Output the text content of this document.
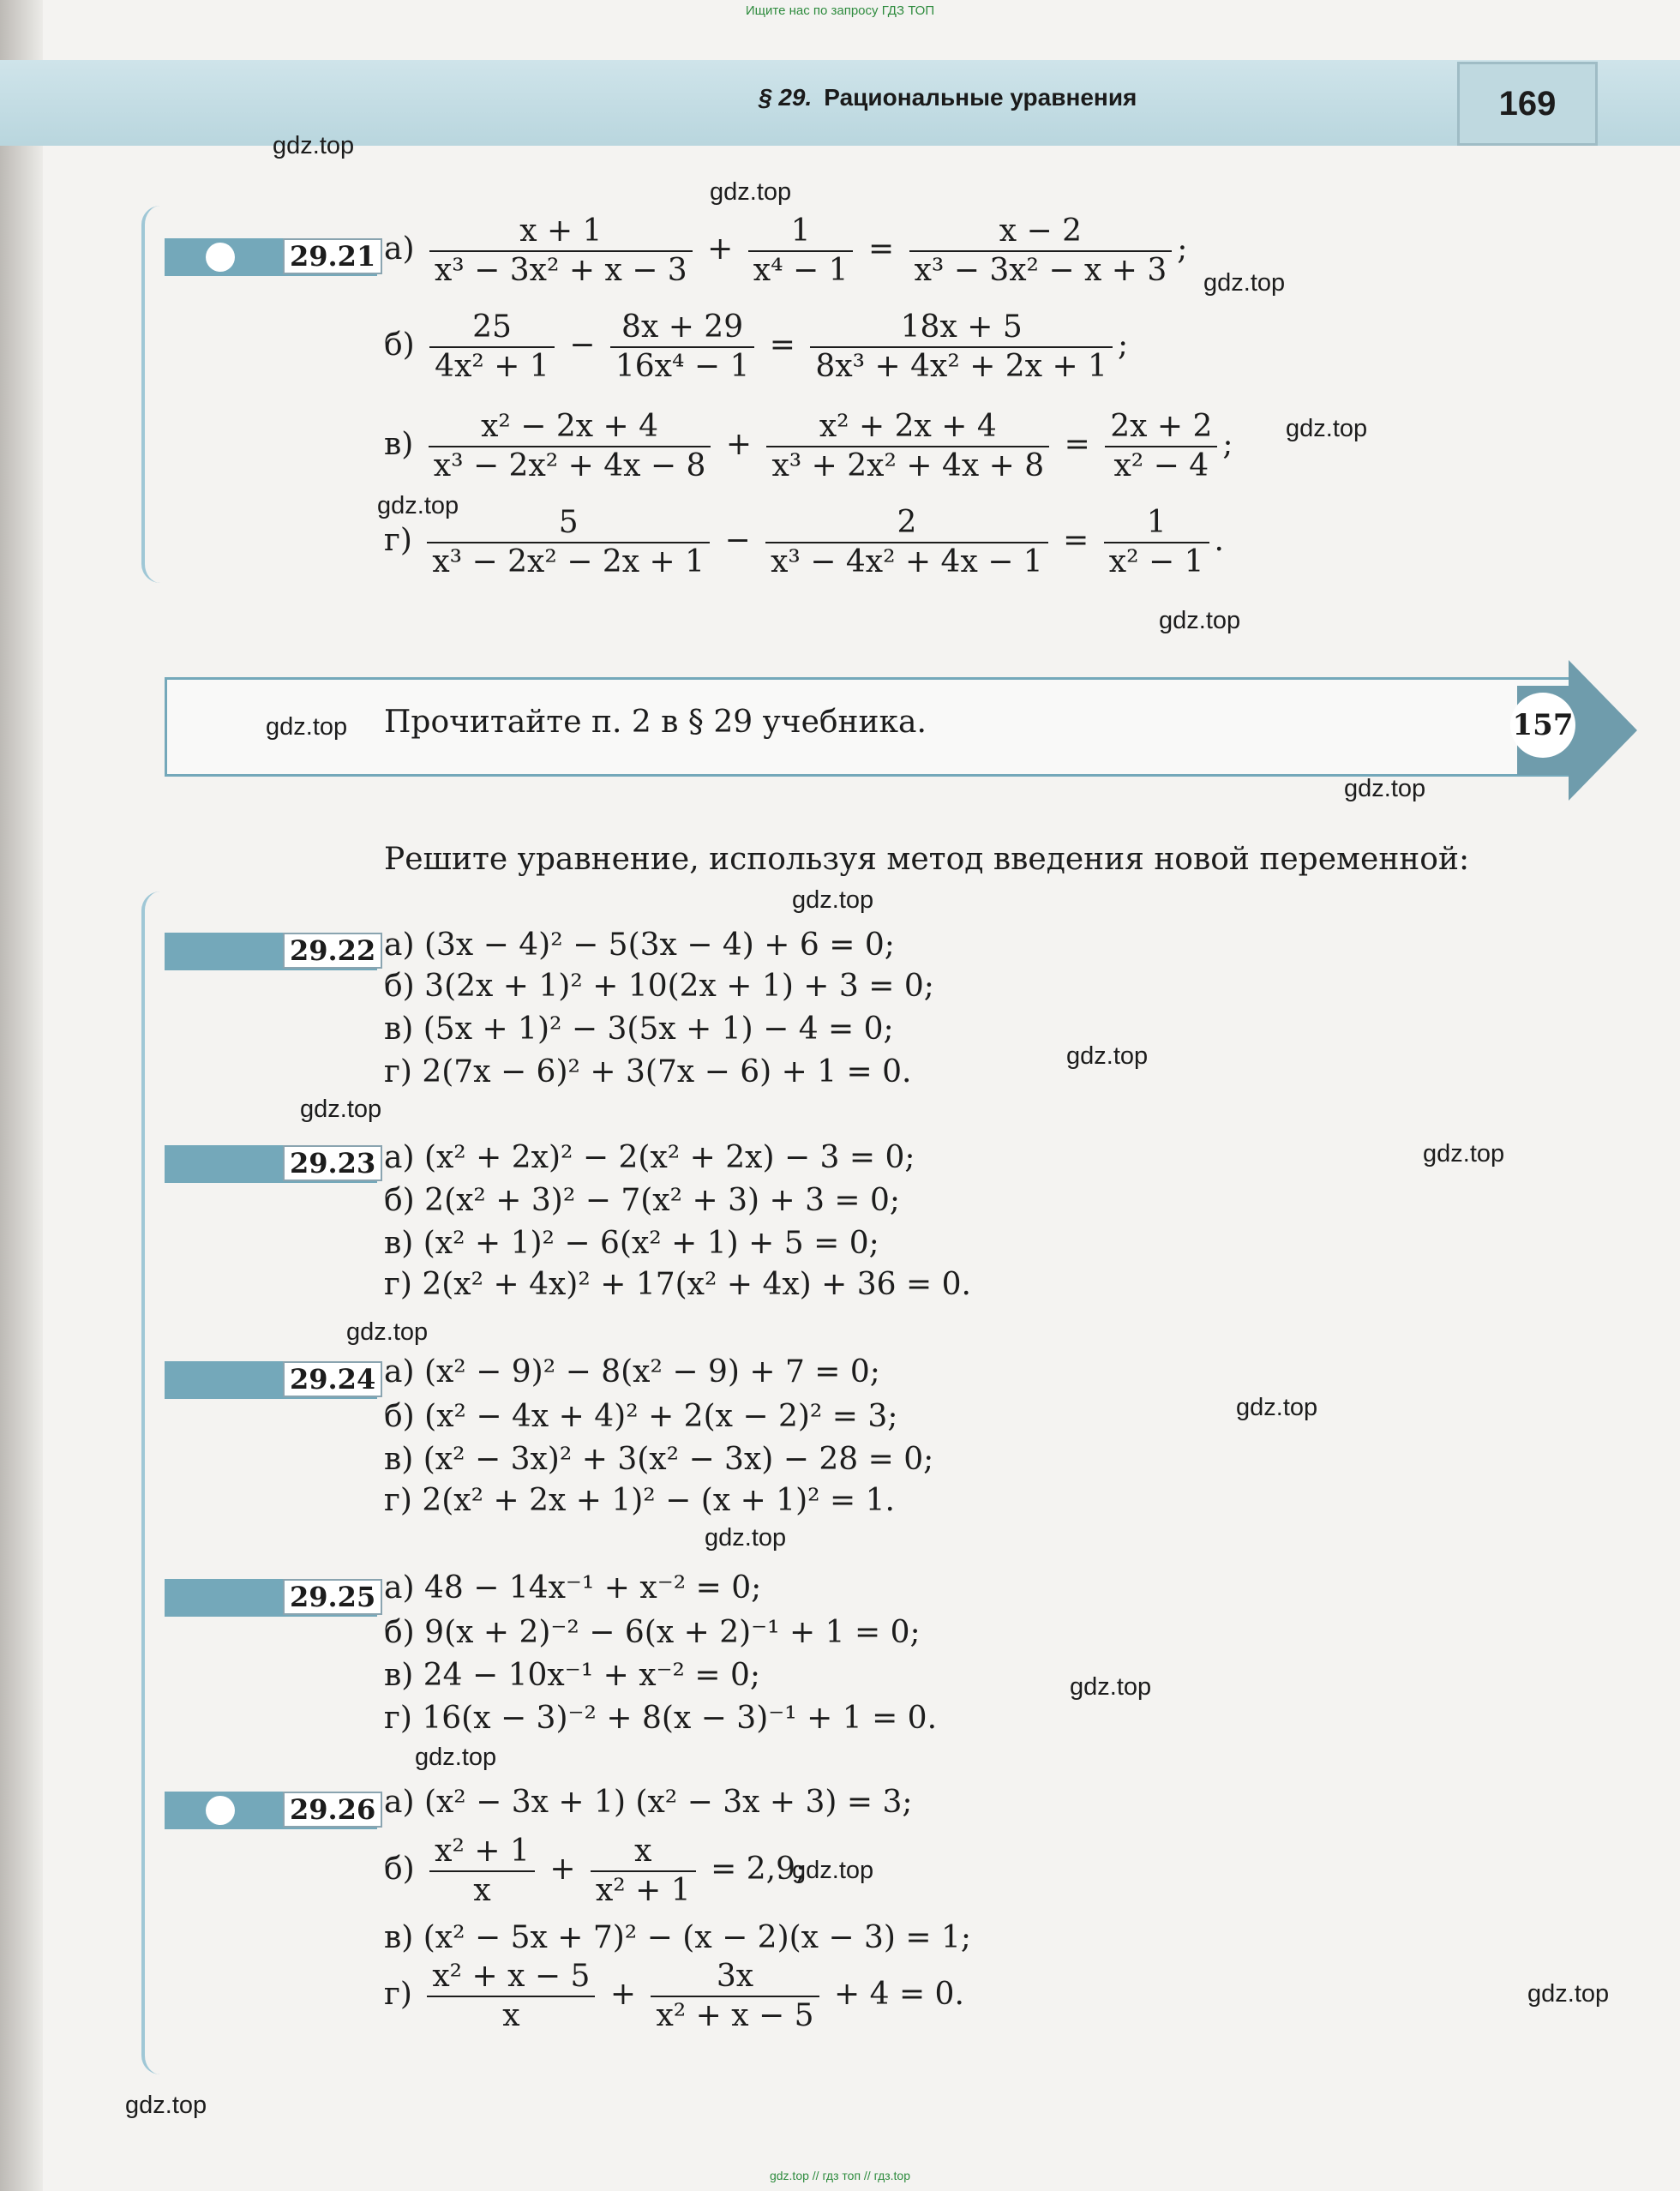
Ищите нас по запросу ГДЗ ТОП
§ 29. Рациональные уравнения	169

29.21 $а) \frac{x + 1}{\text{x³ − 3x² + x − 3}} + \frac{1}{\text{x⁴ − 1}} = \frac{x - 2}{\text{x³ − 3x² − x + 3}}$ ;
$б) \frac{25}{\text{4x² + 1}} - \frac{8x + 29}{\text{16x⁴ − 1}} = \frac{18x + 5}{\text{8x³ + 4x² + 2x + 1}}$ ;
$в) \frac{\text{x² − 2x + 4}}{\text{x³ − 2x² + 4x − 8}} + \frac{\text{x² + 2x + 4}}{\text{x³ + 2x² + 4x + 8}} = \frac{2x + 2}{\text{x² − 4}}$ ;
$г) \frac{5}{\text{x³ − 2x² − 2x + 1}} - \frac{2}{\text{x³ − 4x² + 4x − 1}} = \frac{1}{\text{x² − 1}}$ .
Прочитайте п. 2 в § 29 учебника.	157
Решите уравнение, используя метод введения новой переменной:
29.22 а) (3x − 4)² − 5(3x − 4) + 6 = 0;
б) 3(2x + 1)² + 10(2x + 1) + 3 = 0;
в) (5x + 1)² − 3(5x + 1) − 4 = 0;
г) 2(7x − 6)² + 3(7x − 6) + 1 = 0.
29.23 а) (x² + 2x)² − 2(x² + 2x) − 3 = 0;
б) 2(x² + 3)² − 7(x² + 3) + 3 = 0;
в) (x² + 1)² − 6(x² + 1) + 5 = 0;
г) 2(x² + 4x)² + 17(x² + 4x) + 36 = 0.
29.24 а) (x² − 9)² − 8(x² − 9) + 7 = 0;
б) (x² − 4x + 4)² + 2(x − 2)² = 3;
в) (x² − 3x)² + 3(x² − 3x) − 28 = 0;
г) 2(x² + 2x + 1)² − (x + 1)² = 1.
29.25 а) 48 − 14x⁻¹ + x⁻² = 0;
б) 9(x + 2)⁻² − 6(x + 2)⁻¹ + 1 = 0;
в) 24 − 10x⁻¹ + x⁻² = 0;
г) 16(x − 3)⁻² + 8(x − 3)⁻¹ + 1 = 0.
29.26 а) (x² − 3x + 1) (x² − 3x + 3) = 3;
$б) \frac{\text{x² + 1}}{x} + \frac{x}{\text{x² + 1}} = 2,9$;
в) (x² − 5x + 7)² − (x − 2)(x − 3) = 1;
$г) \frac{\text{x² + x − 5}}{x} + \frac{3x}{\text{x² + x − 5}} + 4 = 0$.
gdz.top
gdz.top
gdz.top
gdz.top
gdz.top
gdz.top
gdz.top
gdz.top
gdz.top
gdz.top
gdz.top
gdz.top
gdz.top
gdz.top
gdz.top
gdz.top
gdz.top
gdz.top
gdz.top
gdz.top
gdz.top // гдз топ // гдз.top
